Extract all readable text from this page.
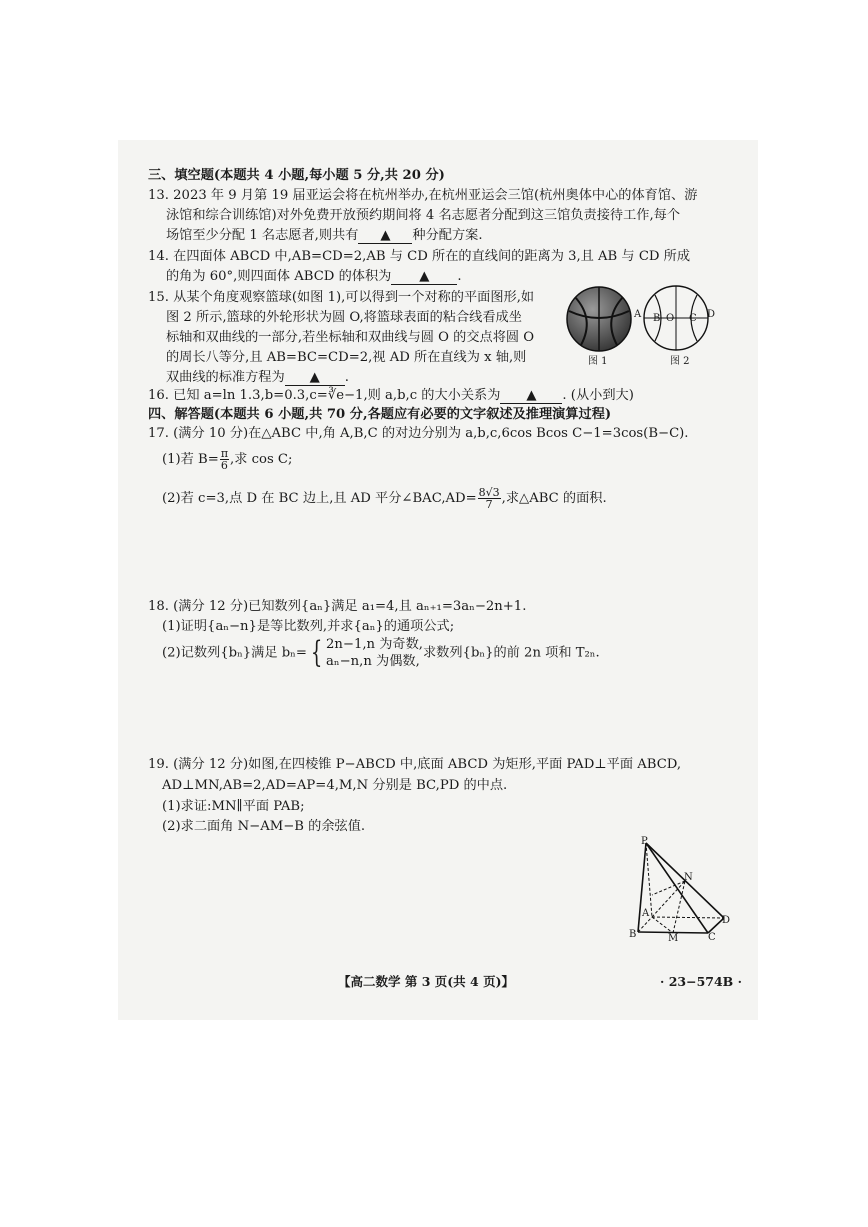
三、填空题(本题共 4 小题,每小题 5 分,共 20 分)
13. 2023 年 9 月第 19 届亚运会将在杭州举办,在杭州亚运会三馆(杭州奥体中心的体育馆、游
泳馆和综合训练馆)对外免费开放预约期间将 4 名志愿者分配到这三馆负责接待工作,每个
场馆至少分配 1 名志愿者,则共有 ▲ 种分配方案.
14. 在四面体 ABCD 中,AB=CD=2,AB 与 CD 所在的直线间的距离为 3,且 AB 与 CD 所成
的角为 60°,则四面体 ABCD 的体积为 ▲ .
15. 从某个角度观察篮球(如图 1),可以得到一个对称的平面图形,如
图 2 所示,篮球的外轮形状为圆 O,将篮球表面的粘合线看成坐
标轴和双曲线的一部分,若坐标轴和双曲线与圆 O 的交点将圆 O
的周长八等分,且 AB=BC=CD=2,视 AD 所在直线为 x 轴,则
双曲线的标准方程为 ▲ .
图 1
A B O C D
图 2
16. 已知 a=ln 1.3,b=0.3,c=∛e−1,则 a,b,c 的大小关系为 ▲ . (从小到大)
四、解答题(本题共 6 小题,共 70 分,各题应有必要的文字叙述及推理演算过程)
17. (满分 10 分)在△ABC 中,角 A,B,C 的对边分别为 a,b,c,6cos Bcos C−1=3cos(B−C).
(1)若 $B= \frac{\pi}{6}$ ,求 cos C;
(2)若 c=3,点 D 在 BC 边上,且 AD 平分∠BAC,AD= $\frac{8√3}{7}$ ,求△ABC 的面积.
18. (满分 12 分)已知数列{aₙ}满足 a₁=4,且 aₙ₊₁=3aₙ−2n+1.
(1)证明{aₙ−n}是等比数列,并求{aₙ}的通项公式;
(2)记数列{bₙ}满足 bₙ= { 2n−1,n 为奇数,
aₙ−n,n 为偶数,
求数列{bₙ}的前 2n 项和 T₂ₙ.
19. (满分 12 分)如图,在四棱锥 P−ABCD 中,底面 ABCD 为矩形,平面 PAD⊥平面 ABCD,
AD⊥MN,AB=2,AD=AP=4,M,N 分别是 BC,PD 的中点.
(1)求证:MN∥平面 PAB;
(2)求二面角 N−AM−B 的余弦值.
P
N
A
B	M	C
D
【高二数学 第 3 页(共 4 页)】	· 23−574B ·
